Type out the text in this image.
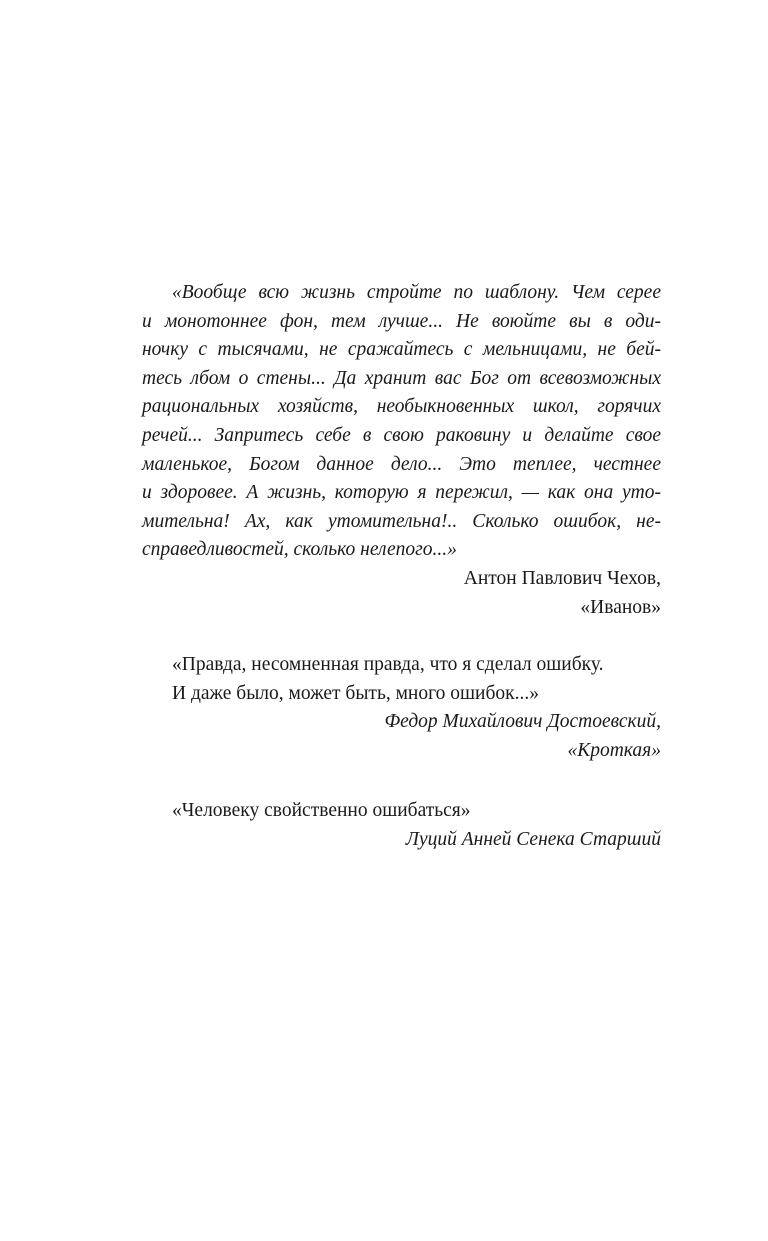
«Вообще всю жизнь стройте по шаблону. Чем серее
и монотоннее фон, тем лучше... Не воюйте вы в оди-
ночку с тысячами, не сражайтесь с мельницами, не бей-
тесь лбом о стены... Да хранит вас Бог от всевозможных
рациональных хозяйств, необыкновенных школ, горячих
речей... Запритесь себе в свою раковину и делайте свое
маленькое, Богом данное дело... Это теплее, честнее
и здоровее. А жизнь, которую я пережил, — как она уто-
мительна! Ах, как утомительна!.. Сколько ошибок, не-
справедливостей, сколько нелепого...»
Антон Павлович Чехов,
«Иванов»
«Правда, несомненная правда, что я сделал ошибку.
И даже было, может быть, много ошибок...»
Федор Михайлович Достоевский,
«Кроткая»
«Человеку свойственно ошибаться»
Луций Анней Сенека Старший
